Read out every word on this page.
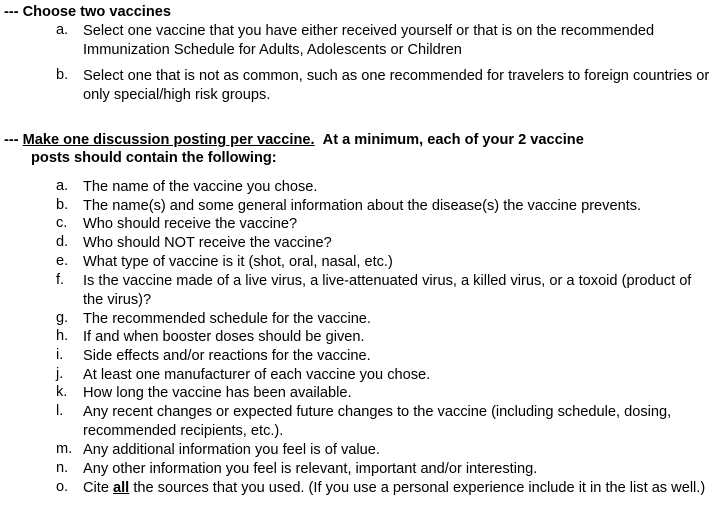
--- Choose two vaccines
a.	Select one vaccine that you have either received yourself or that is on the recommended Immunization Schedule for Adults, Adolescents or Children
b.	Select one that is not as common, such as one recommended for travelers to foreign countries or only special/high risk groups.
--- Make one discussion posting per vaccine. At a minimum, each of your 2 vaccine
posts should contain the following:
a.	The name of the vaccine you chose.
b.	The name(s) and some general information about the disease(s) the vaccine prevents.
c.	Who should receive the vaccine?
d.	Who should NOT receive the vaccine?
e.	What type of vaccine is it (shot, oral, nasal, etc.)
f.	Is the vaccine made of a live virus, a live-attenuated virus, a killed virus, or a toxoid (product of the virus)?
g.	The recommended schedule for the vaccine.
h.	If and when booster doses should be given.
i.	Side effects and/or reactions for the vaccine.
j.	At least one manufacturer of each vaccine you chose.
k.	How long the vaccine has been available.
l.	Any recent changes or expected future changes to the vaccine (including schedule, dosing, recommended recipients, etc.).
m. Any additional information you feel is of value.
n.	Any other information you feel is relevant, important and/or interesting.
o.	Cite all the sources that you used. (If you use a personal experience include it in the list as well.)
